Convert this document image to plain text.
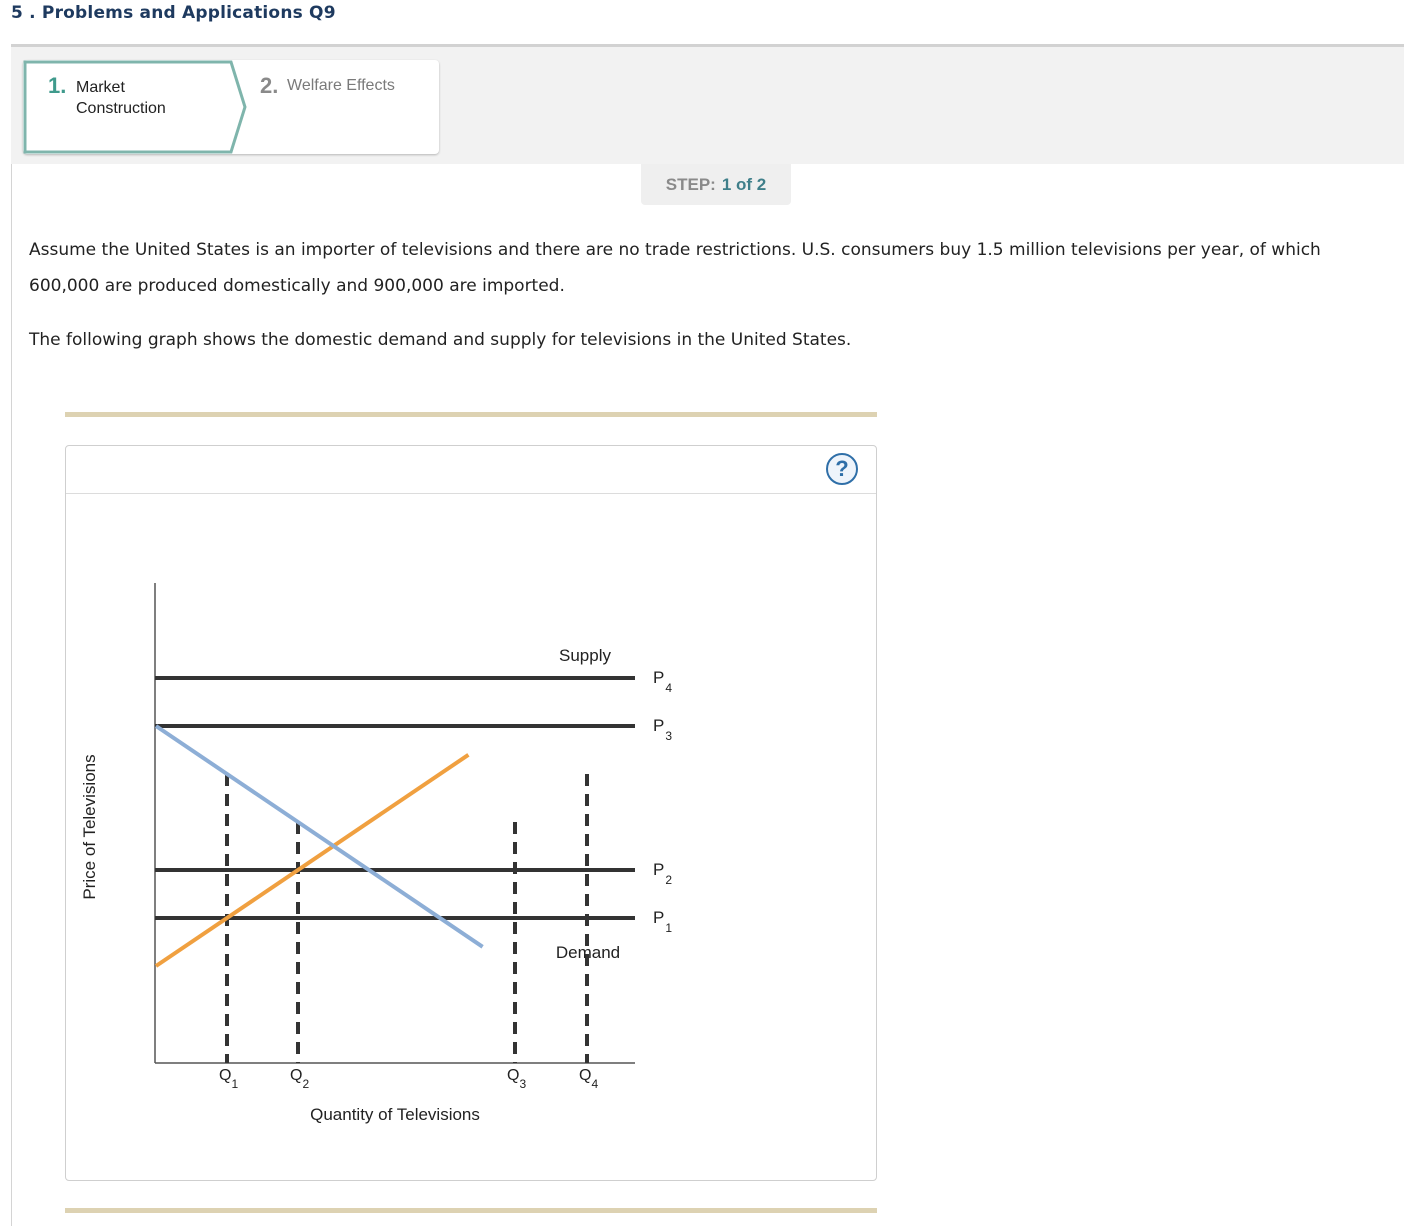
5 . Problems and Applications Q9
1. Market Construction
2. Welfare Effects
STEP: 1 of 2
Assume the United States is an importer of televisions and there are no trade restrictions. U.S. consumers buy 1.5 million televisions per year, of which 600,000 are produced domestically and 900,000 are imported.
The following graph shows the domestic demand and supply for televisions in the United States.
?
Supply
Demand
$P_1$
$P_2$
$P_3$
$P_4$
$Q_1$	$Q_2$	$Q_3$	$Q_4$
Quantity of Televisions
Price of Televisions
